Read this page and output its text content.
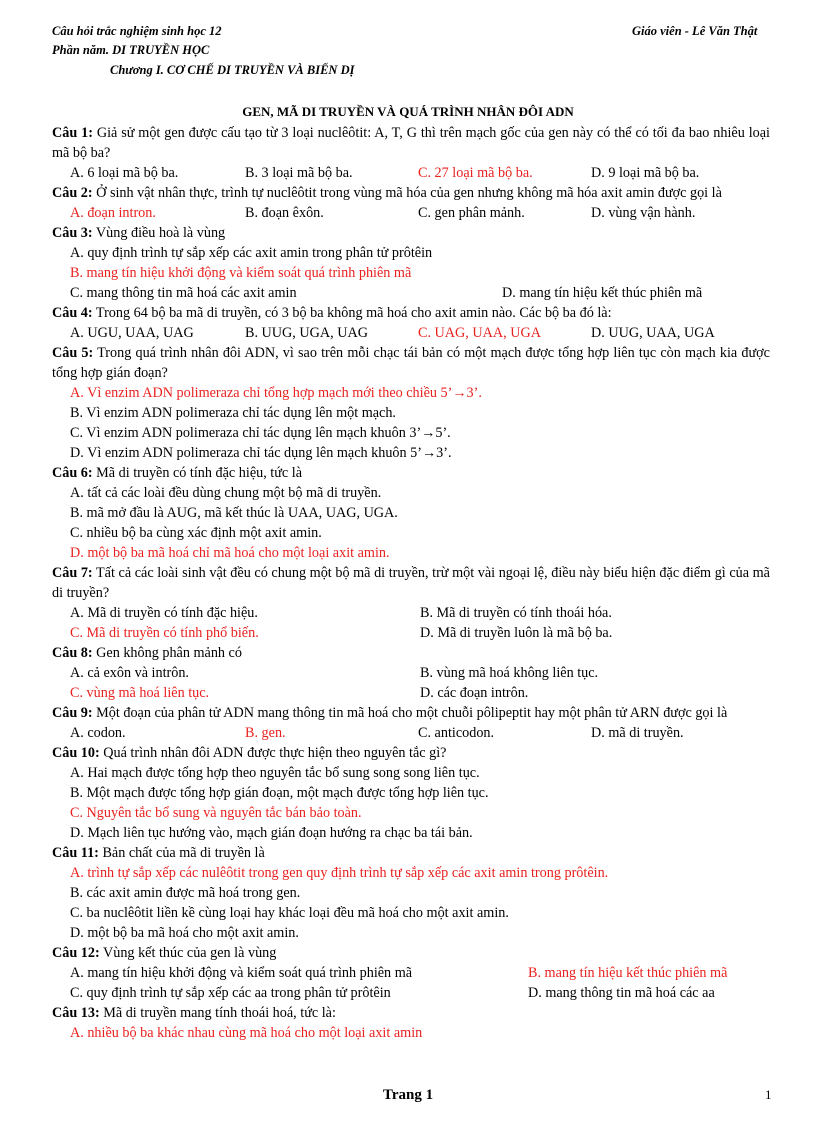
Câu hỏi trắc nghiệm sinh học 12
Phần năm. DI TRUYỀN HỌC
Giáo viên - Lê Văn Thật
Chương I. CƠ CHẾ DI TRUYỀN VÀ BIẾN DỊ
GEN, MÃ DI TRUYỀN VÀ QUÁ TRÌNH NHÂN ĐÔI ADN
Câu 1: Giả sử một gen được cấu tạo từ 3 loại nuclêôtit: A, T, G thì trên mạch gốc của gen này có thể có tối đa bao nhiêu loại mã bộ ba?
A. 6 loại mã bộ ba.	B. 3 loại mã bộ ba.	C. 27 loại mã bộ ba.	D. 9 loại mã bộ ba.
Câu 2: Ở sinh vật nhân thực, trình tự nuclêôtit trong vùng mã hóa của gen nhưng không mã hóa axit amin được gọi là
A. đoạn intron.	B. đoạn êxôn.	C. gen phân mảnh.	D. vùng vận hành.
Câu 3: Vùng điều hoà là vùng
A. quy định trình tự sắp xếp các axit amin trong phân tử prôtêin
B. mang tín hiệu khởi động và kiểm soát quá trình phiên mã
C. mang thông tin mã hoá các axit amin	D. mang tín hiệu kết thúc phiên mã
Câu 4: Trong 64 bộ ba mã di truyền, có 3 bộ ba không mã hoá cho axit amin nào. Các bộ ba đó là:
A. UGU, UAA, UAG	B. UUG, UGA, UAG	C. UAG, UAA, UGA	D. UUG, UAA, UGA
Câu 5: Trong quá trình nhân đôi ADN, vì sao trên mỗi chạc tái bản có một mạch được tổng hợp liên tục còn mạch kia được tổng hợp gián đoạn?
A. Vì enzim ADN polimeraza chỉ tổng hợp mạch mới theo chiều 5’→3’.
B. Vì enzim ADN polimeraza chỉ tác dụng lên một mạch.
C. Vì enzim ADN polimeraza chỉ tác dụng lên mạch khuôn 3’→5’.
D. Vì enzim ADN polimeraza chỉ tác dụng lên mạch khuôn 5’→3’.
Câu 6: Mã di truyền có tính đặc hiệu, tức là
A. tất cả các loài đều dùng chung một bộ mã di truyền.
B. mã mở đầu là AUG, mã kết thúc là UAA, UAG, UGA.
C. nhiều bộ ba cùng xác định một axit amin.
D. một bộ ba mã hoá chỉ mã hoá cho một loại axit amin.
Câu 7: Tất cả các loài sinh vật đều có chung một bộ mã di truyền, trừ một vài ngoại lệ, điều này biểu hiện đặc điểm gì của mã di truyền?
A. Mã di truyền có tính đặc hiệu.	B. Mã di truyền có tính thoái hóa.
C. Mã di truyền có tính phổ biến.	D. Mã di truyền luôn là mã bộ ba.
Câu 8: Gen không phân mảnh có
A. cả exôn và intrôn.	B. vùng mã hoá không liên tục.
C. vùng mã hoá liên tục.	D. các đoạn intrôn.
Câu 9: Một đoạn của phân tử ADN mang thông tin mã hoá cho một chuỗi pôlipeptit hay một phân tử ARN được gọi là
A. codon.	B. gen.	C. anticodon.	D. mã di truyền.
Câu 10: Quá trình nhân đôi ADN được thực hiện theo nguyên tắc gì?
A. Hai mạch được tổng hợp theo nguyên tắc bổ sung song song liên tục.
B. Một mạch được tổng hợp gián đoạn, một mạch được tổng hợp liên tục.
C. Nguyên tắc bổ sung và nguyên tắc bán bảo toàn.
D. Mạch liên tục hướng vào, mạch gián đoạn hướng ra chạc ba tái bản.
Câu 11: Bản chất của mã di truyền là
A. trình tự sắp xếp các nulêôtit trong gen quy định trình tự sắp xếp các axit amin trong prôtêin.
B. các axit amin được mã hoá trong gen.
C. ba nuclêôtit liền kề cùng loại hay khác loại đều mã hoá cho một axit amin.
D. một bộ ba mã hoá cho một axit amin.
Câu 12: Vùng kết thúc của gen là vùng
A. mang tín hiệu khởi động và kiểm soát quá trình phiên mã	B. mang tín hiệu kết thúc phiên mã
C. quy định trình tự sắp xếp các aa trong phân tử prôtêin	D. mang thông tin mã hoá các aa
Câu 13: Mã di truyền mang tính thoái hoá, tức là:
A. nhiều bộ ba khác nhau cùng mã hoá cho một loại axit amin
Trang 1	1
